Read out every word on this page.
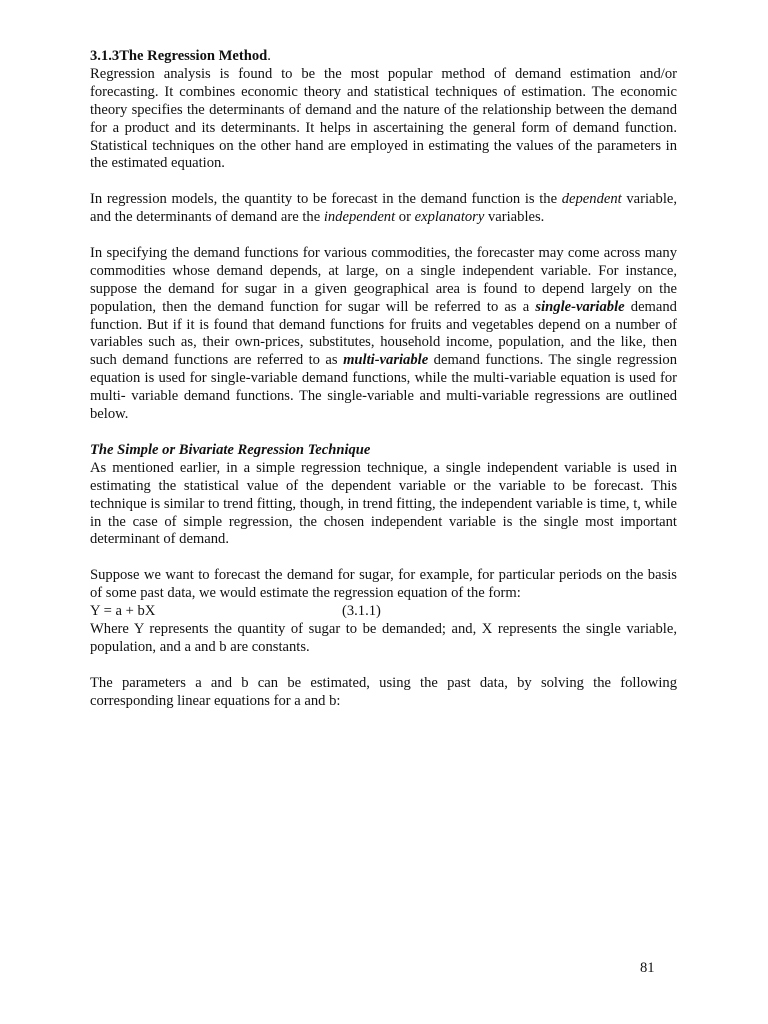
3.1.3The Regression Method.

Regression analysis is found to be the most popular method of demand estimation and/or forecasting. It combines economic theory and statistical techniques of estimation. The economic theory specifies the determinants of demand and the nature of the relationship between the demand for a product and its determinants. It helps in ascertaining the general form of demand function. Statistical techniques on the other hand are employed in estimating the values of the parameters in the estimated equation.

In regression models, the quantity to be forecast in the demand function is the dependent variable, and the determinants of demand are the independent or explanatory variables.

In specifying the demand functions for various commodities, the forecaster may come across many commodities whose demand depends, at large, on a single independent variable. For instance, suppose the demand for sugar in a given geographical area is found to depend largely on the population, then the demand function for sugar will be referred to as a single-variable demand function. But if it is found that demand functions for fruits and vegetables depend on a number of variables such as, their own-prices, substitutes, household income, population, and the like, then such demand functions are referred to as multi-variable demand functions. The single regression equation is used for single-variable demand functions, while the multi-variable equation is used for multi- variable demand functions. The single-variable and multi-variable regressions are outlined below.

The Simple or Bivariate Regression Technique

As mentioned earlier, in a simple regression technique, a single independent variable is used in estimating the statistical value of the dependent variable or the variable to be forecast. This technique is similar to trend fitting, though, in trend fitting, the independent variable is time, t, while in the case of simple regression, the chosen independent variable is the single most important determinant of demand.

Suppose we want to forecast the demand for sugar, for example, for particular periods on the basis of some past data, we would estimate the regression equation of the form:

Y = a + bX	(3.1.1)

Where Y represents the quantity of sugar to be demanded; and, X represents the single variable, population, and a and b are constants.

The parameters a and b can be estimated, using the past data, by solving the following corresponding linear equations for a and b:

81
